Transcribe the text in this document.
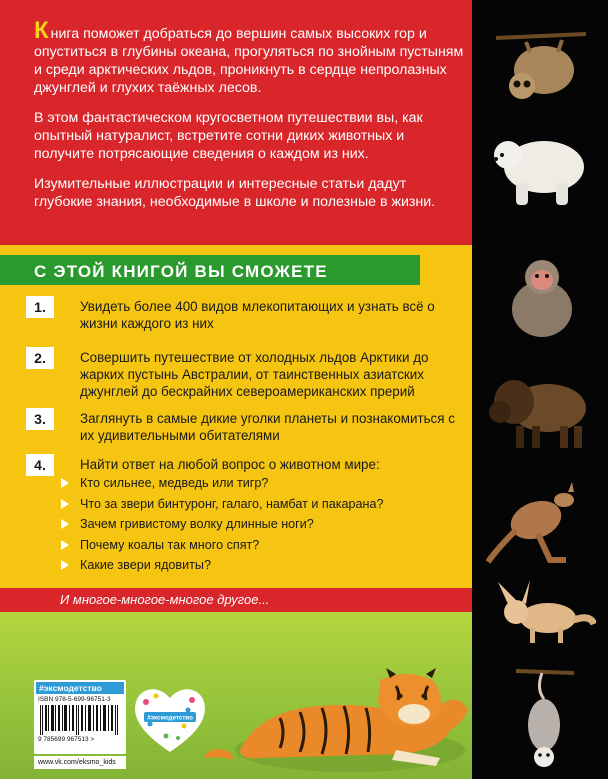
Книга поможет добраться до вершин самых высоких гор и опуститься в глубины океана, прогуляться по знойным пустыням и среди арктических льдов, проникнуть в сердце непролазных джунглей и глухих таёжных лесов.

В этом фантастическом кругосветном путешествии вы, как опытный натуралист, встретите сотни диких животных и получите потрясающие сведения о каждом из них.

Изумительные иллюстрации и интересные статьи дадут глубокие знания, необходимые в школе и полезные в жизни.

С ЭТОЙ КНИГОЙ ВЫ СМОЖЕТЕ
1.	Увидеть более 400 видов млекопитающих и узнать всё о жизни каждого из них
2.	Совершить путешествие от холодных льдов Арктики до жарких пустынь Австралии, от таинственных азиатских джунглей до бескрайних североамериканских прерий
3.	Заглянуть в самые дикие уголки планеты и познакомиться с их удивительными обитателями
4.	Найти ответ на любой вопрос о животном мире:
Кто сильнее, медведь или тигр?
Что за звери бинтуронг, галаго, намбат и пакарана?
Зачем гривистому волку длинные ноги?
Почему коалы так много спят?
Какие звери ядовиты?
И многое-многое-многое другое...
#эксмодетство
ISBN 978-5-699-96751-3
9 785699 967513 >
www.vk.com/eksmo_kids
#эксмодетство
